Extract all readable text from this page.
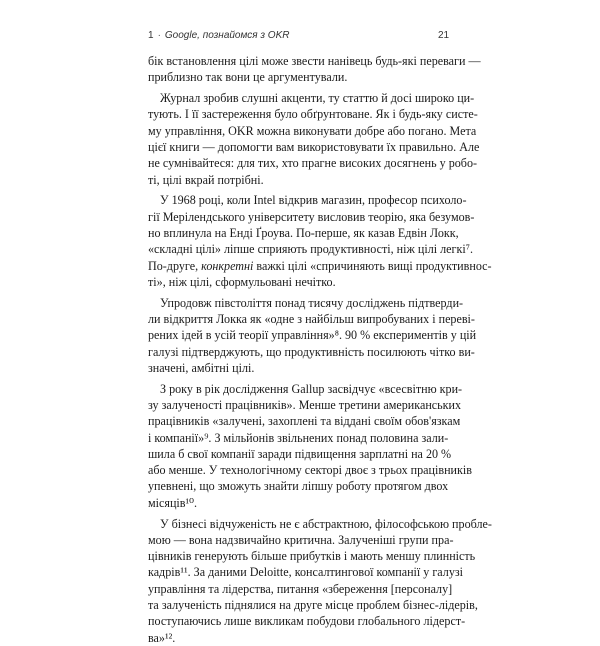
1 · Google, познайомся з OKR	21
бік встановлення цілі може звести нанівець будь-які переваги —
приблизно так вони це аргументували.
Журнал зробив слушні акценти, ту статтю й досі широко ци-
тують. І її застереження було обґрунтоване. Як і будь-яку систе-
му управління, OKR можна виконувати добре або погано. Мета
цієї книги — допомогти вам використовувати їх правильно. Але
не сумнівайтеся: для тих, хто прагне високих досягнень у робо-
ті, цілі вкрай потрібні.
У 1968 році, коли Intel відкрив магазин, професор психоло-
гії Мерілендського університету висловив теорію, яка безумов-
но вплинула на Енді Ґроува. По-перше, як казав Едвін Локк,
«складні цілі» ліпше сприяють продуктивності, ніж цілі легкі⁷.
По-друге, конкретні важкі цілі «спричиняють вищі продуктивнос-
ті», ніж цілі, сформульовані нечітко.
Упродовж півстоліття понад тисячу досліджень підтверди-
ли відкриття Локка як «одне з найбільш випробуваних і переві-
рених ідей в усій теорії управління»⁸. 90 % експериментів у цій
галузі підтверджують, що продуктивність посилюють чітко ви-
значені, амбітні цілі.
З року в рік дослідження Gallup засвідчує «всесвітню кри-
зу залученості працівників». Менше третини американських
працівників «залучені, захоплені та віддані своїм обов'язкам
і компанії»⁹. З мільйонів звільнених понад половина зали-
шила б свої компанії заради підвищення зарплатні на 20 %
або менше. У технологічному секторі двоє з трьох працівників
упевнені, що зможуть знайти ліпшу роботу протягом двох
місяців¹⁰.
У бізнесі відчуженість не є абстрактною, філософською пробле-
мою — вона надзвичайно критична. Залученіші групи пра-
цівників генерують більше прибутків і мають меншу плинність
кадрів¹¹. За даними Deloitte, консалтингової компанії у галузі
управління та лідерства, питання «збереження [персоналу]
та залученість піднялися на друге місце проблем бізнес-лідерів,
поступаючись лише викликам побудови глобального лідерст-
ва»¹².
